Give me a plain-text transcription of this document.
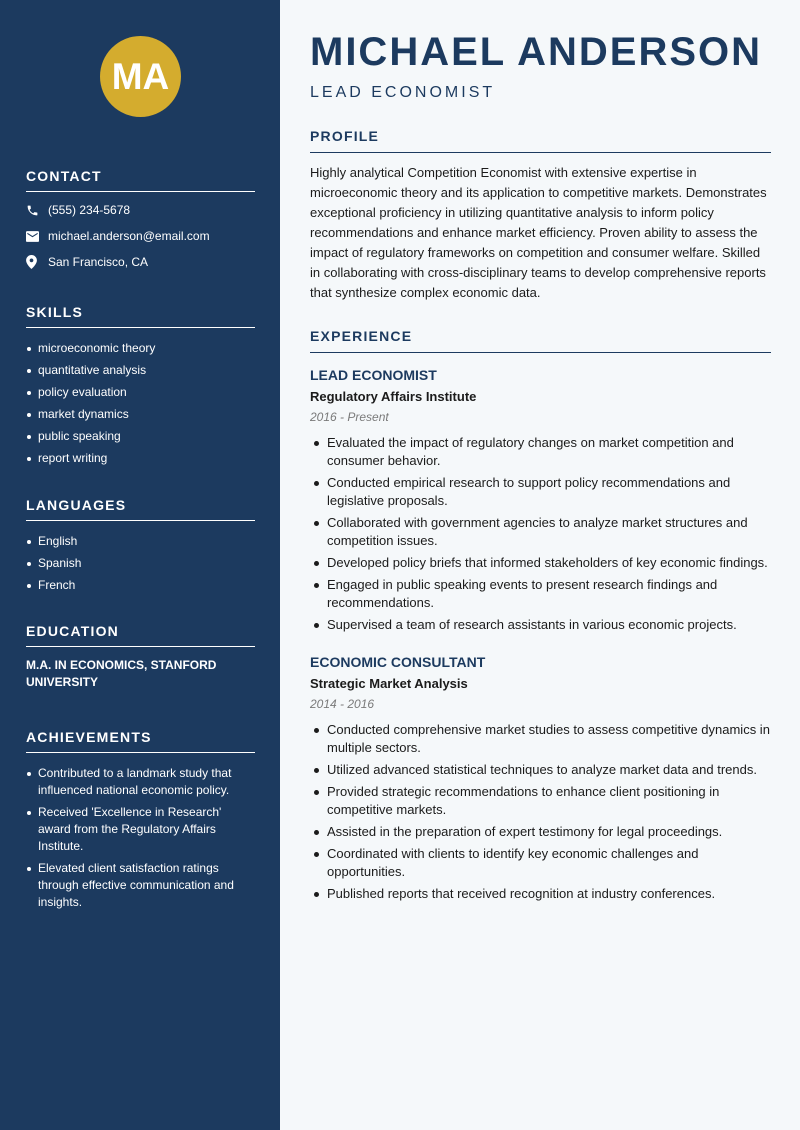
MA
CONTACT
(555) 234-5678
michael.anderson@email.com
San Francisco, CA
SKILLS
microeconomic theory
quantitative analysis
policy evaluation
market dynamics
public speaking
report writing
LANGUAGES
English
Spanish
French
EDUCATION
M.A. IN ECONOMICS, STANFORD UNIVERSITY
ACHIEVEMENTS
Contributed to a landmark study that influenced national economic policy.
Received 'Excellence in Research' award from the Regulatory Affairs Institute.
Elevated client satisfaction ratings through effective communication and insights.
MICHAEL ANDERSON
LEAD ECONOMIST
PROFILE
Highly analytical Competition Economist with extensive expertise in microeconomic theory and its application to competitive markets. Demonstrates exceptional proficiency in utilizing quantitative analysis to inform policy recommendations and enhance market efficiency. Proven ability to assess the impact of regulatory frameworks on competition and consumer welfare. Skilled in collaborating with cross-disciplinary teams to develop comprehensive reports that synthesize complex economic data.
EXPERIENCE
LEAD ECONOMIST
Regulatory Affairs Institute
2016 - Present
Evaluated the impact of regulatory changes on market competition and consumer behavior.
Conducted empirical research to support policy recommendations and legislative proposals.
Collaborated with government agencies to analyze market structures and competition issues.
Developed policy briefs that informed stakeholders of key economic findings.
Engaged in public speaking events to present research findings and recommendations.
Supervised a team of research assistants in various economic projects.
ECONOMIC CONSULTANT
Strategic Market Analysis
2014 - 2016
Conducted comprehensive market studies to assess competitive dynamics in multiple sectors.
Utilized advanced statistical techniques to analyze market data and trends.
Provided strategic recommendations to enhance client positioning in competitive markets.
Assisted in the preparation of expert testimony for legal proceedings.
Coordinated with clients to identify key economic challenges and opportunities.
Published reports that received recognition at industry conferences.
